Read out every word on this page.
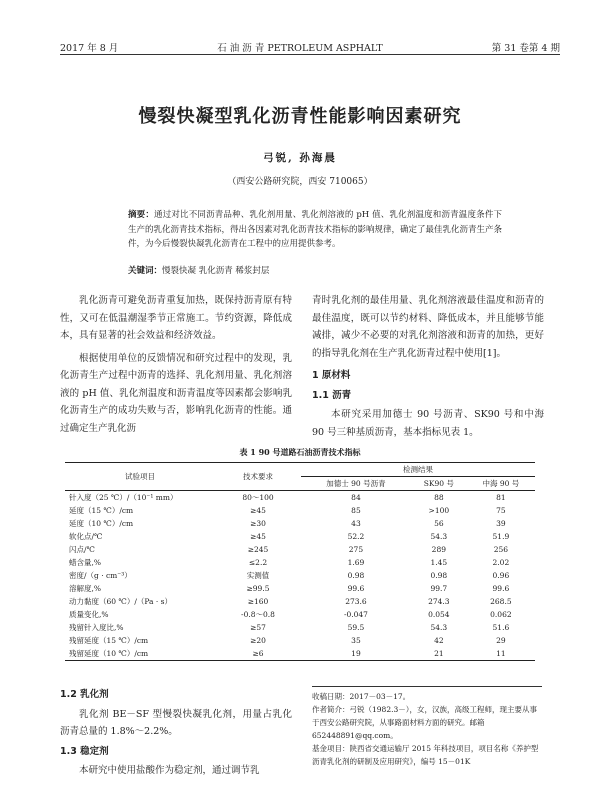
2017 年 8 月	石 油 沥 青 PETROLEUM ASPHALT	第 31 卷第 4 期
慢裂快凝型乳化沥青性能影响因素研究
弓锐, 孙海晨
（西安公路研究院，西安 710065）
摘要：通过对比不同沥青品种、乳化剂用量、乳化剂溶液的 pH 值、乳化剂温度和沥青温度条件下生产的乳化沥青技术指标，得出各因素对乳化沥青技术指标的影响规律，确定了最佳乳化沥青生产条件，为今后慢裂快凝乳化沥青在工程中的应用提供参考。
关键词：慢裂快凝 乳化沥青 稀浆封层

乳化沥青可避免沥青重复加热，既保持沥青原有特性，又可在低温潮湿季节正常施工。节约资源，降低成本，具有显著的社会效益和经济效益。

根据使用单位的反馈情况和研究过程中的发现，乳化沥青生产过程中沥青的选择、乳化剂用量、乳化剂溶液的 pH 值、乳化剂温度和沥青温度等因素都会影响乳化沥青生产的成功失败与否，影响乳化沥青的性能。通过确定生产乳化沥

青时乳化剂的最佳用量、乳化剂溶液最佳温度和沥青的最佳温度，既可以节约材料、降低成本，并且能够节能减排，减少不必要的对乳化剂溶液和沥青的加热，更好的指导乳化剂在生产乳化沥青过程中使用[1]。

1 原材料
1.1 沥青

本研究采用加德士 90 号沥青、SK90 号和中海 90 号三种基质沥青，基本指标见表 1。

表 1 90 号道路石油沥青技术指标
试验项目	技术要求	检测结果		
		加德士 90 号沥青	SK90 号	中海 90 号
针入度（25 ℃）/（10⁻¹ mm）	80～100	84	88	81
延度（15 ℃）/cm	≥45	85	>100	75
延度（10 ℃）/cm	≥30	43	56	39
软化点/℃	≥45	52.2	54.3	51.9
闪点/℃	≥245	275	289	256
蜡含量,%	≤2.2	1.69	1.45	2.02
密度/（g · cm⁻³）	实测值	0.98	0.98	0.96
溶解度,%	≥99.5	99.6	99.7	99.6
动力黏度（60 ℃）/（Pa · s）	≥160	273.6	274.3	268.5
质量变化,%	-0.8～0.8	-0.047	0.054	0.062
残留针入度比,%	≥57	59.5	54.3	51.6
残留延度（15 ℃）/cm	≥20	35	42	29
残留延度（10 ℃）/cm	≥6	19	21	11
1.2 乳化剂

乳化剂 BE－SF 型慢裂快凝乳化剂，用量占乳化沥青总量的 1.8%～2.2%。

1.3 稳定剂

本研究中使用盐酸作为稳定剂，通过调节乳

收稿日期：2017－03－17。
作者简介：弓锐（1982.3－），女，汉族，高级工程师，现主要从事于西安公路研究院，从事路面材料方面的研究。邮箱 652448891@qq.com。
基金项目：陕西省交通运输厅 2015 年科技项目，项目名称《养护型沥青乳化剂的研制及应用研究》，编号 15－01K
